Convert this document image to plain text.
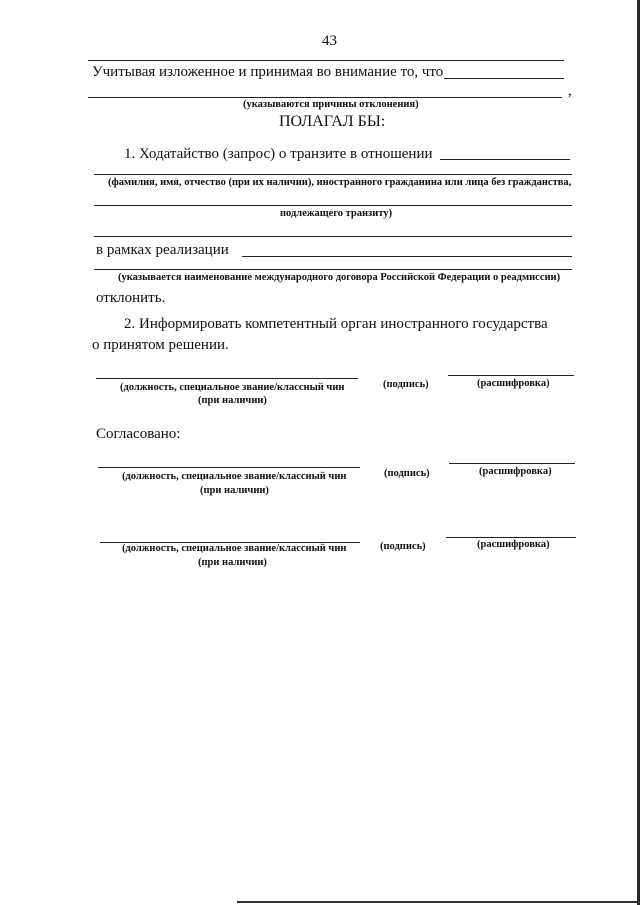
43
Учитывая изложенное и принимая во внимание то, что
,
(указываются причины отклонения)
ПОЛАГАЛ БЫ:
1. Ходатайство (запрос) о транзите в отношении
(фамилия, имя, отчество (при их наличии), иностранного гражданина или лица без гражданства,
подлежащего транзиту)
в рамках реализации
(указывается наименование международного договора Российской Федерации о реадмиссии)
отклонить.
2. Информировать компетентный орган иностранного государства
о принятом решении.
(должность, специальное звание/классный чин
(при наличии)
(подпись)	(расшифровка)
Согласовано:
(должность, специальное звание/классный чин
(при наличии)
(подпись)	(расшифровка)
(должность, специальное звание/классный чин
(при наличии)
(подпись)	(расшифровка)
